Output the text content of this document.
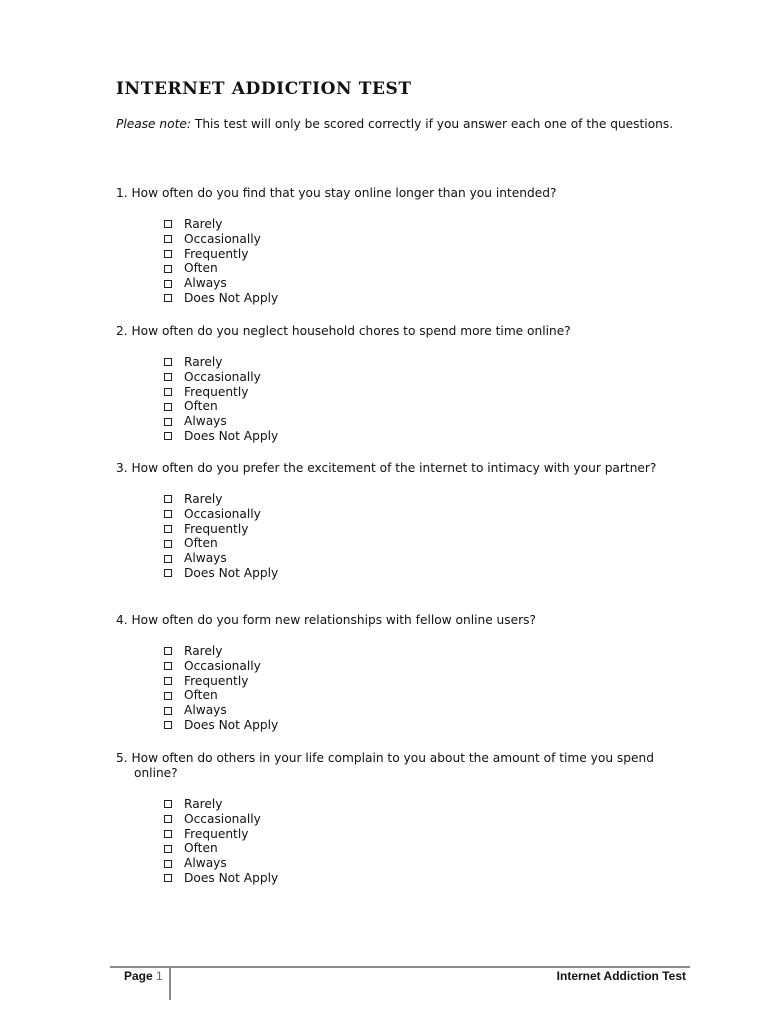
INTERNET ADDICTION TEST
Please note: This test will only be scored correctly if you answer each one of the questions.
1. How often do you find that you stay online longer than you intended?
Rarely
Occasionally
Frequently
Often
Always
Does Not Apply
2. How often do you neglect household chores to spend more time online?
Rarely
Occasionally
Frequently
Often
Always
Does Not Apply
3. How often do you prefer the excitement of the internet to intimacy with your partner?
Rarely
Occasionally
Frequently
Often
Always
Does Not Apply
4. How often do you form new relationships with fellow online users?
Rarely
Occasionally
Frequently
Often
Always
Does Not Apply
5. How often do others in your life complain to you about the amount of time you spend online?
Rarely
Occasionally
Frequently
Often
Always
Does Not Apply
Page 1	Internet Addiction Test
